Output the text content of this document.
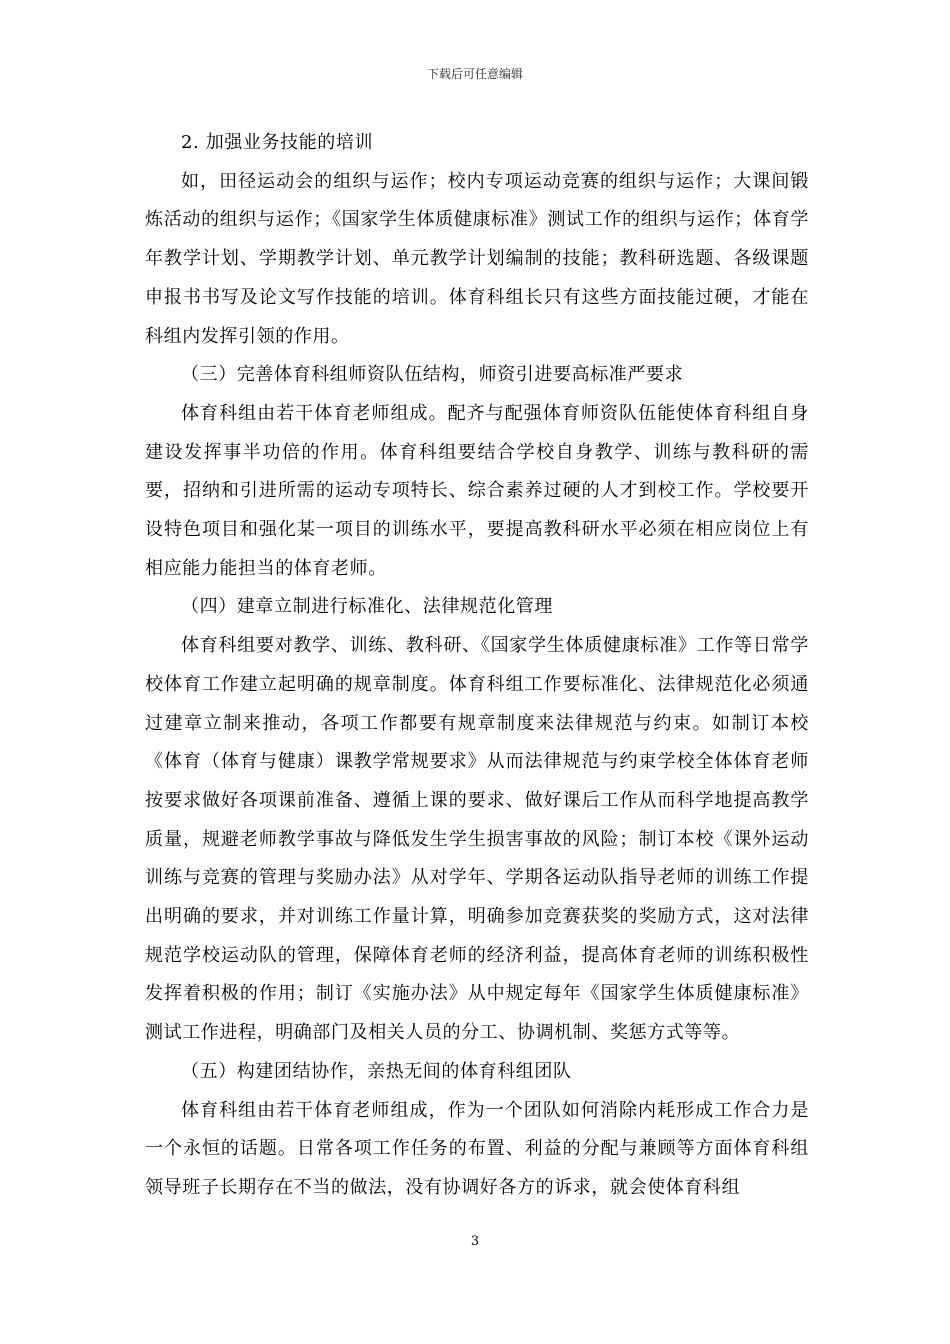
下载后可任意编辑

2. 加强业务技能的培训

如，田径运动会的组织与运作；校内专项运动竞赛的组织与运作；大课间锻炼活动的组织与运作；《国家学生体质健康标准》测试工作的组织与运作；体育学年教学计划、学期教学计划、单元教学计划编制的技能；教科研选题、各级课题申报书书写及论文写作技能的培训。体育科组长只有这些方面技能过硬，才能在科组内发挥引领的作用。

（三）完善体育科组师资队伍结构，师资引进要高标准严要求

体育科组由若干体育老师组成。配齐与配强体育师资队伍能使体育科组自身建设发挥事半功倍的作用。体育科组要结合学校自身教学、训练与教科研的需要，招纳和引进所需的运动专项特长、综合素养过硬的人才到校工作。学校要开设特色项目和强化某一项目的训练水平，要提高教科研水平必须在相应岗位上有相应能力能担当的体育老师。

（四）建章立制进行标准化、法律规范化管理

体育科组要对教学、训练、教科研、《国家学生体质健康标准》工作等日常学校体育工作建立起明确的规章制度。体育科组工作要标准化、法律规范化必须通过建章立制来推动，各项工作都要有规章制度来法律规范与约束。如制订本校《体育（体育与健康）课教学常规要求》从而法律规范与约束学校全体体育老师按要求做好各项课前准备、遵循上课的要求、做好课后工作从而科学地提高教学质量，规避老师教学事故与降低发生学生损害事故的风险；制订本校《课外运动训练与竞赛的管理与奖励办法》从对学年、学期各运动队指导老师的训练工作提出明确的要求，并对训练工作量计算，明确参加竞赛获奖的奖励方式，这对法律规范学校运动队的管理，保障体育老师的经济利益，提高体育老师的训练积极性发挥着积极的作用；制订《实施办法》从中规定每年《国家学生体质健康标准》测试工作进程，明确部门及相关人员的分工、协调机制、奖惩方式等等。

（五）构建团结协作，亲热无间的体育科组团队

体育科组由若干体育老师组成，作为一个团队如何消除内耗形成工作合力是一个永恒的话题。日常各项工作任务的布置、利益的分配与兼顾等方面体育科组领导班子长期存在不当的做法，没有协调好各方的诉求，就会使体育科组

3
